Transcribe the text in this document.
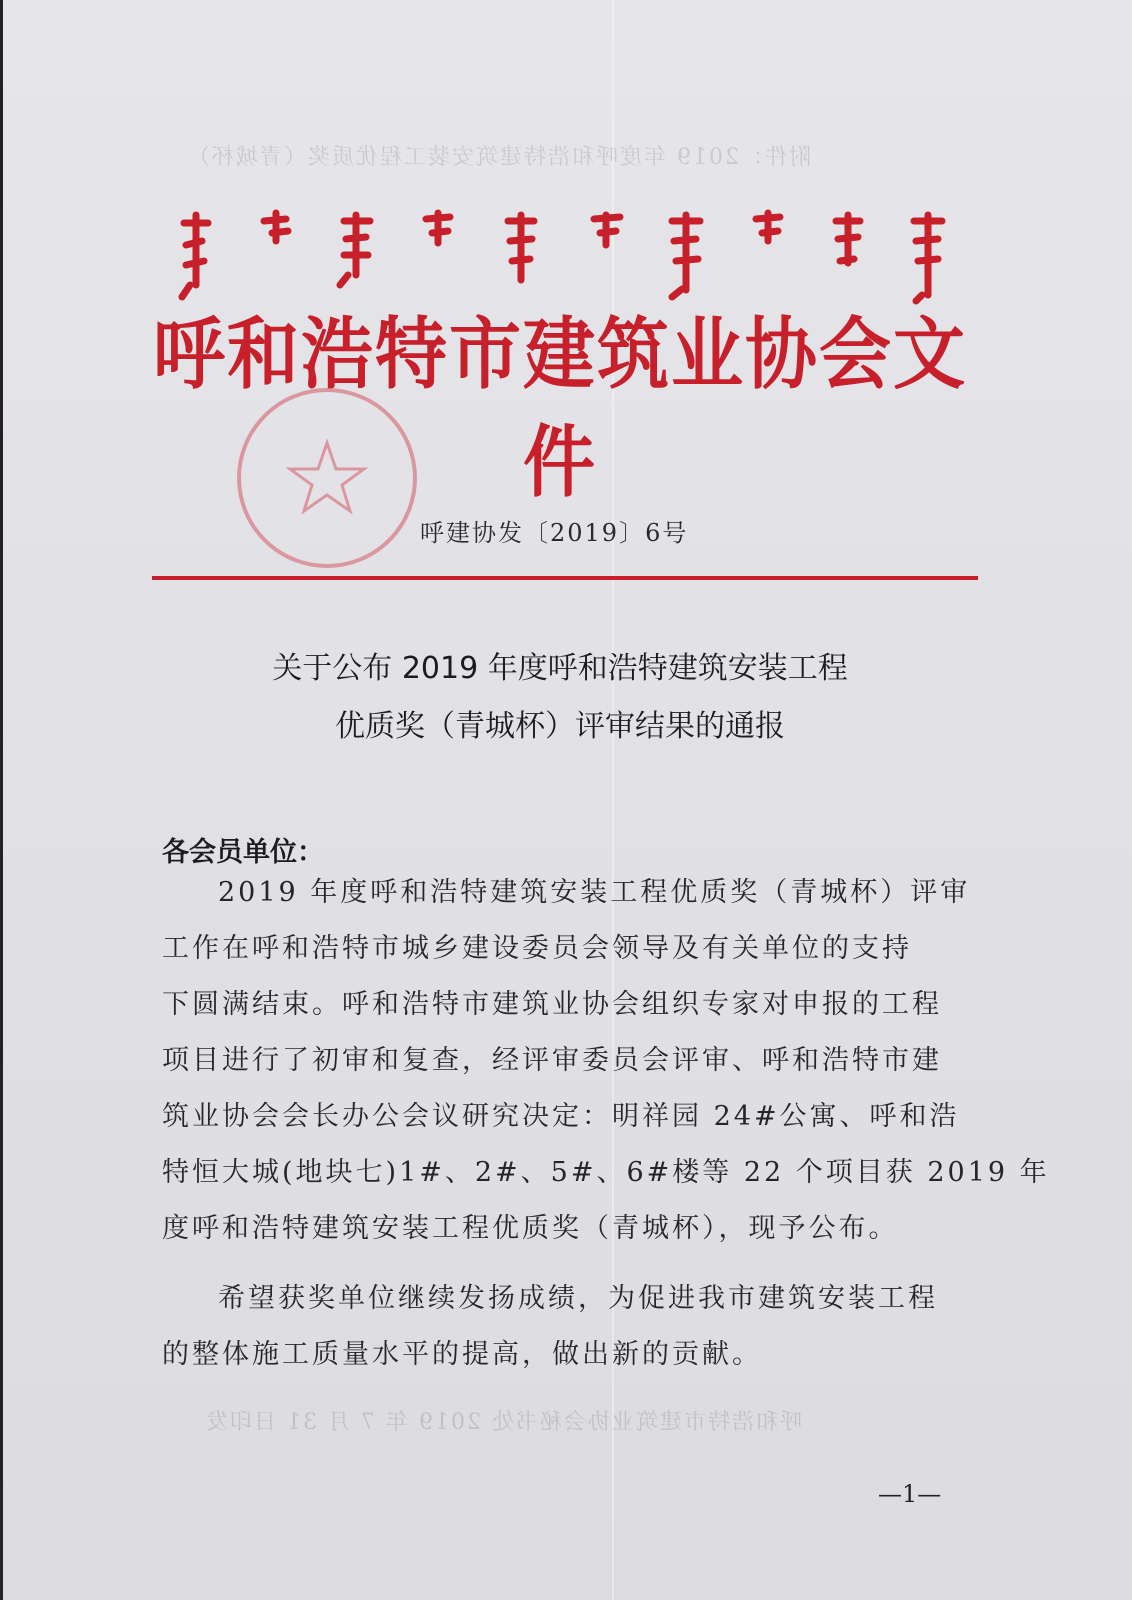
附件：2019 年度呼和浩特建筑安装工程优质奖（青城杯）
呼和浩特市建筑业协会文件
呼建协发〔2019〕6号
关于公布 2019 年度呼和浩特建筑安装工程
优质奖（青城杯）评审结果的通报
各会员单位：
2019 年度呼和浩特建筑安装工程优质奖（青城杯）评审
工作在呼和浩特市城乡建设委员会领导及有关单位的支持
下圆满结束。呼和浩特市建筑业协会组织专家对申报的工程
项目进行了初审和复查，经评审委员会评审、呼和浩特市建
筑业协会会长办公会议研究决定：明祥园 24#公寓、呼和浩
特恒大城(地块七)1#、2#、5#、6#楼等 22 个项目获 2019 年
度呼和浩特建筑安装工程优质奖（青城杯），现予公布。
希望获奖单位继续发扬成绩，为促进我市建筑安装工程
的整体施工质量水平的提高，做出新的贡献。
呼和浩特市建筑业协会秘书处 2019 年 7 月 31 日印发
—1—
